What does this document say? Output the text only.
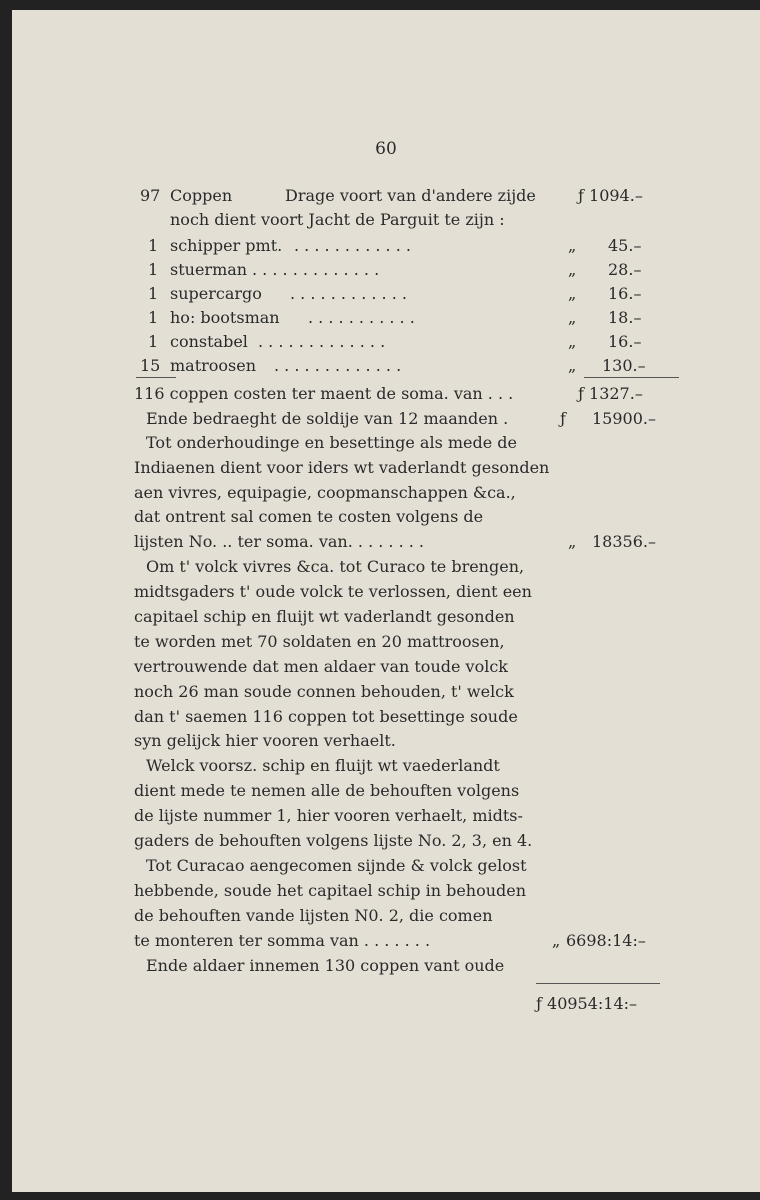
60
97 Coppen	Drage voort van d'andere zijde	ƒ 1094.–
noch dient voort Jacht de Parguit te zijn :
1 schipper pmt. . . . . . . . . . . . .	„ 45.–
1 stuerman . . . . . . . . . . . . .	„ 28.–
1 supercargo . . . . . . . . . . . .	„ 16.–
1 ho: bootsman . . . . . . . . . . .	„ 18.–
1 constabel . . . . . . . . . . . . .	„ 16.–
15 matroosen . . . . . . . . . . . . .	„ 130.–
116 coppen costen ter maent de soma. van . . .	ƒ 1327.–
Ende bedraeght de soldije van 12 maanden .	ƒ 15900.–
Tot onderhoudinge en besettinge als mede de
Indiaenen dient voor iders wt vaderlandt gesonden
aen vivres, equipagie, coopmanschappen &ca.,
dat ontrent sal comen te costen volgens de
lijsten No. .. ter soma. van. . . . . . . .	„ 18356.–
Om t' volck vivres &ca. tot Curaco te brengen,
midtsgaders t' oude volck te verlossen, dient een
capitael schip en fluijt wt vaderlandt gesonden
te worden met 70 soldaten en 20 mattroosen,
vertrouwende dat men aldaer van toude volck
noch 26 man soude connen behouden, t' welck
dan t' saemen 116 coppen tot besettinge soude
syn gelijck hier vooren verhaelt.
Welck voorsz. schip en fluijt wt vaederlandt
dient mede te nemen alle de behouften volgens
de lijste nummer 1, hier vooren verhaelt, midts-
gaders de behouften volgens lijste No. 2, 3, en 4.
Tot Curacao aengecomen sijnde & volck gelost
hebbende, soude het capitael schip in behouden
de behouften vande lijsten N0. 2, die comen
te monteren ter somma van . . . . . . .	„ 6698:14:–
Ende aldaer innemen 130 coppen vant oude
ƒ 40954:14:–
